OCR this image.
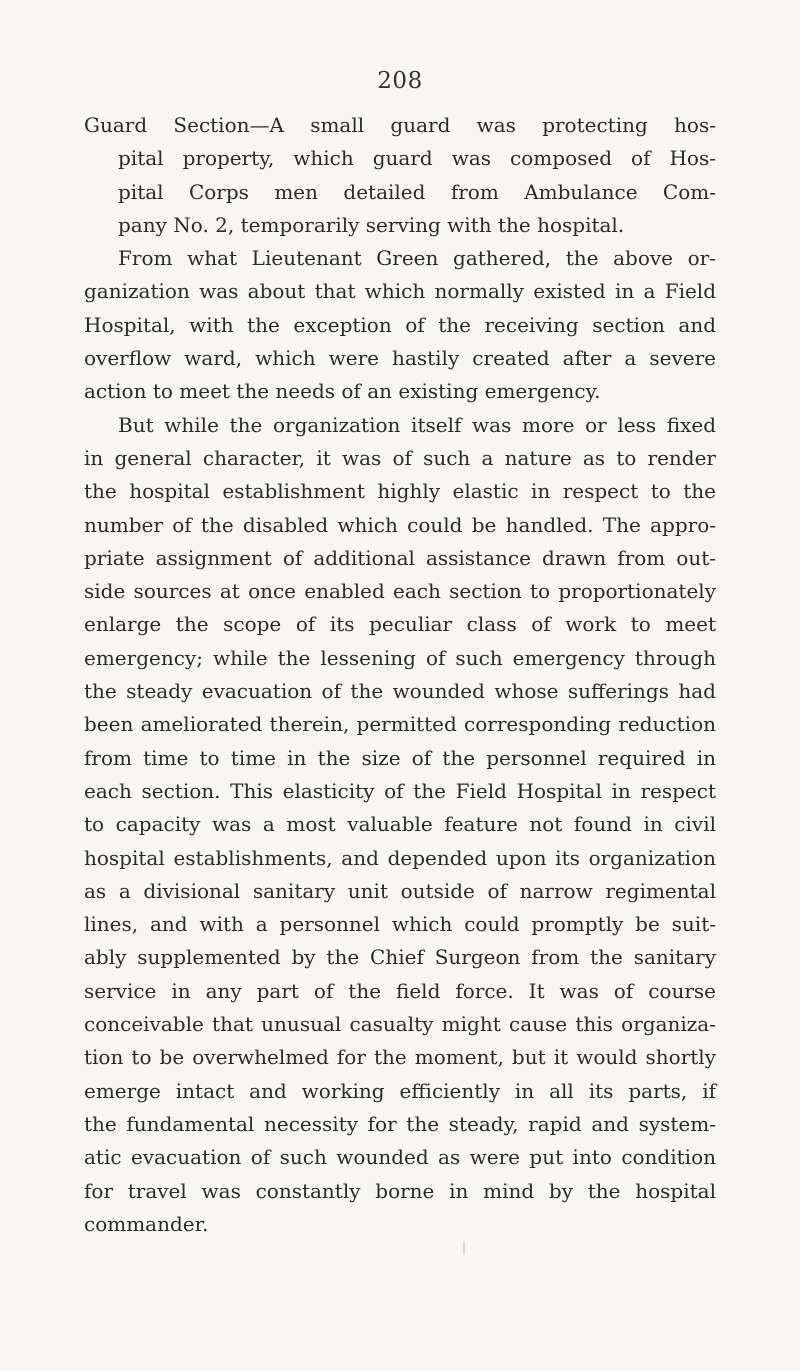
208
Guard Section—A small guard was protecting hos-
pital property, which guard was composed of Hos-
pital Corps men detailed from Ambulance Com-
pany No. 2, temporarily serving with the hospital.
From what Lieutenant Green gathered, the above or-
ganization was about that which normally existed in a Field
Hospital, with the exception of the receiving section and
overflow ward, which were hastily created after a severe
action to meet the needs of an existing emergency.
But while the organization itself was more or less fixed
in general character, it was of such a nature as to render
the hospital establishment highly elastic in respect to the
number of the disabled which could be handled. The appro-
priate assignment of additional assistance drawn from out-
side sources at once enabled each section to proportionately
enlarge the scope of its peculiar class of work to meet
emergency; while the lessening of such emergency through
the steady evacuation of the wounded whose sufferings had
been ameliorated therein, permitted corresponding reduction
from time to time in the size of the personnel required in
each section. This elasticity of the Field Hospital in respect
to capacity was a most valuable feature not found in civil
hospital establishments, and depended upon its organization
as a divisional sanitary unit outside of narrow regimental
lines, and with a personnel which could promptly be suit-
ably supplemented by the Chief Surgeon from the sanitary
service in any part of the field force. It was of course
conceivable that unusual casualty might cause this organiza-
tion to be overwhelmed for the moment, but it would shortly
emerge intact and working efficiently in all its parts, if
the fundamental necessity for the steady, rapid and system-
atic evacuation of such wounded as were put into condition
for travel was constantly borne in mind by the hospital
commander.
